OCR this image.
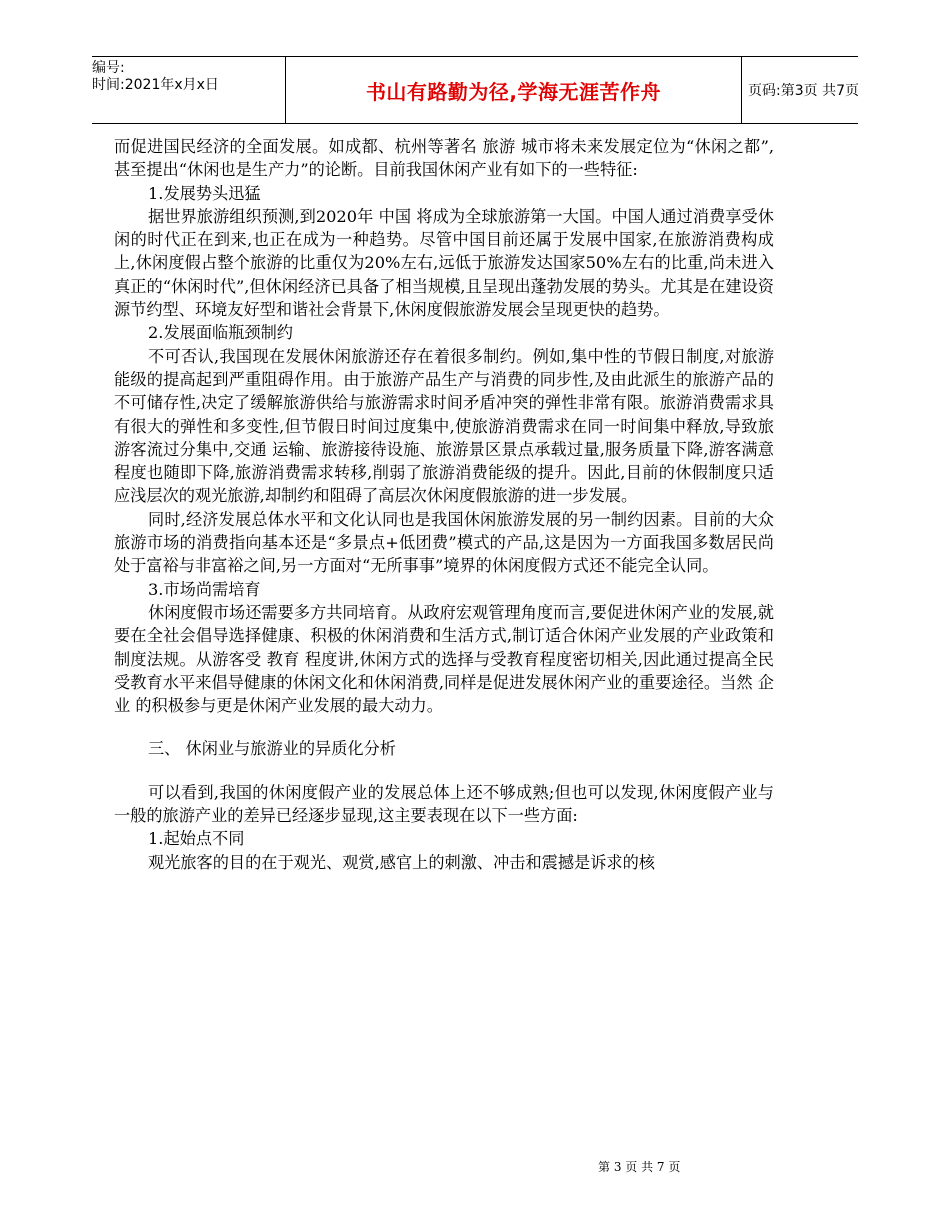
编号:
时间:2021年x月x日	书山有路勤为径,学海无涯苦作舟	页码:第3页 共7页

而促进国民经济的全面发展。如成都、杭州等著名 旅游 城市将未来发展定位为“休闲之都”,甚至提出“休闲也是生产力”的论断。目前我国休闲产业有如下的一些特征:

1.发展势头迅猛

据世界旅游组织预测,到2020年 中国 将成为全球旅游第一大国。中国人通过消费享受休闲的时代正在到来,也正在成为一种趋势。尽管中国目前还属于发展中国家,在旅游消费构成上,休闲度假占整个旅游的比重仅为20%左右,远低于旅游发达国家50%左右的比重,尚未进入真正的“休闲时代”,但休闲经济已具备了相当规模,且呈现出蓬勃发展的势头。尤其是在建设资源节约型、环境友好型和谐社会背景下,休闲度假旅游发展会呈现更快的趋势。

2.发展面临瓶颈制约

不可否认,我国现在发展休闲旅游还存在着很多制约。例如,集中性的节假日制度,对旅游能级的提高起到严重阻碍作用。由于旅游产品生产与消费的同步性,及由此派生的旅游产品的不可储存性,决定了缓解旅游供给与旅游需求时间矛盾冲突的弹性非常有限。旅游消费需求具有很大的弹性和多变性,但节假日时间过度集中,使旅游消费需求在同一时间集中释放,导致旅游客流过分集中,交通 运输、旅游接待设施、旅游景区景点承载过量,服务质量下降,游客满意程度也随即下降,旅游消费需求转移,削弱了旅游消费能级的提升。因此,目前的休假制度只适应浅层次的观光旅游,却制约和阻碍了高层次休闲度假旅游的进一步发展。

同时,经济发展总体水平和文化认同也是我国休闲旅游发展的另一制约因素。目前的大众旅游市场的消费指向基本还是“多景点+低团费”模式的产品,这是因为一方面我国多数居民尚处于富裕与非富裕之间,另一方面对“无所事事”境界的休闲度假方式还不能完全认同。

3.市场尚需培育

休闲度假市场还需要多方共同培育。从政府宏观管理角度而言,要促进休闲产业的发展,就要在全社会倡导选择健康、积极的休闲消费和生活方式,制订适合休闲产业发展的产业政策和制度法规。从游客受 教育 程度讲,休闲方式的选择与受教育程度密切相关,因此通过提高全民受教育水平来倡导健康的休闲文化和休闲消费,同样是促进发展休闲产业的重要途径。当然 企业 的积极参与更是休闲产业发展的最大动力。

三、 休闲业与旅游业的异质化分析

可以看到,我国的休闲度假产业的发展总体上还不够成熟;但也可以发现,休闲度假产业与一般的旅游产业的差异已经逐步显现,这主要表现在以下一些方面:

1.起始点不同

观光旅客的目的在于观光、观赏,感官上的刺激、冲击和震撼是诉求的核

第 3 页 共 7 页
